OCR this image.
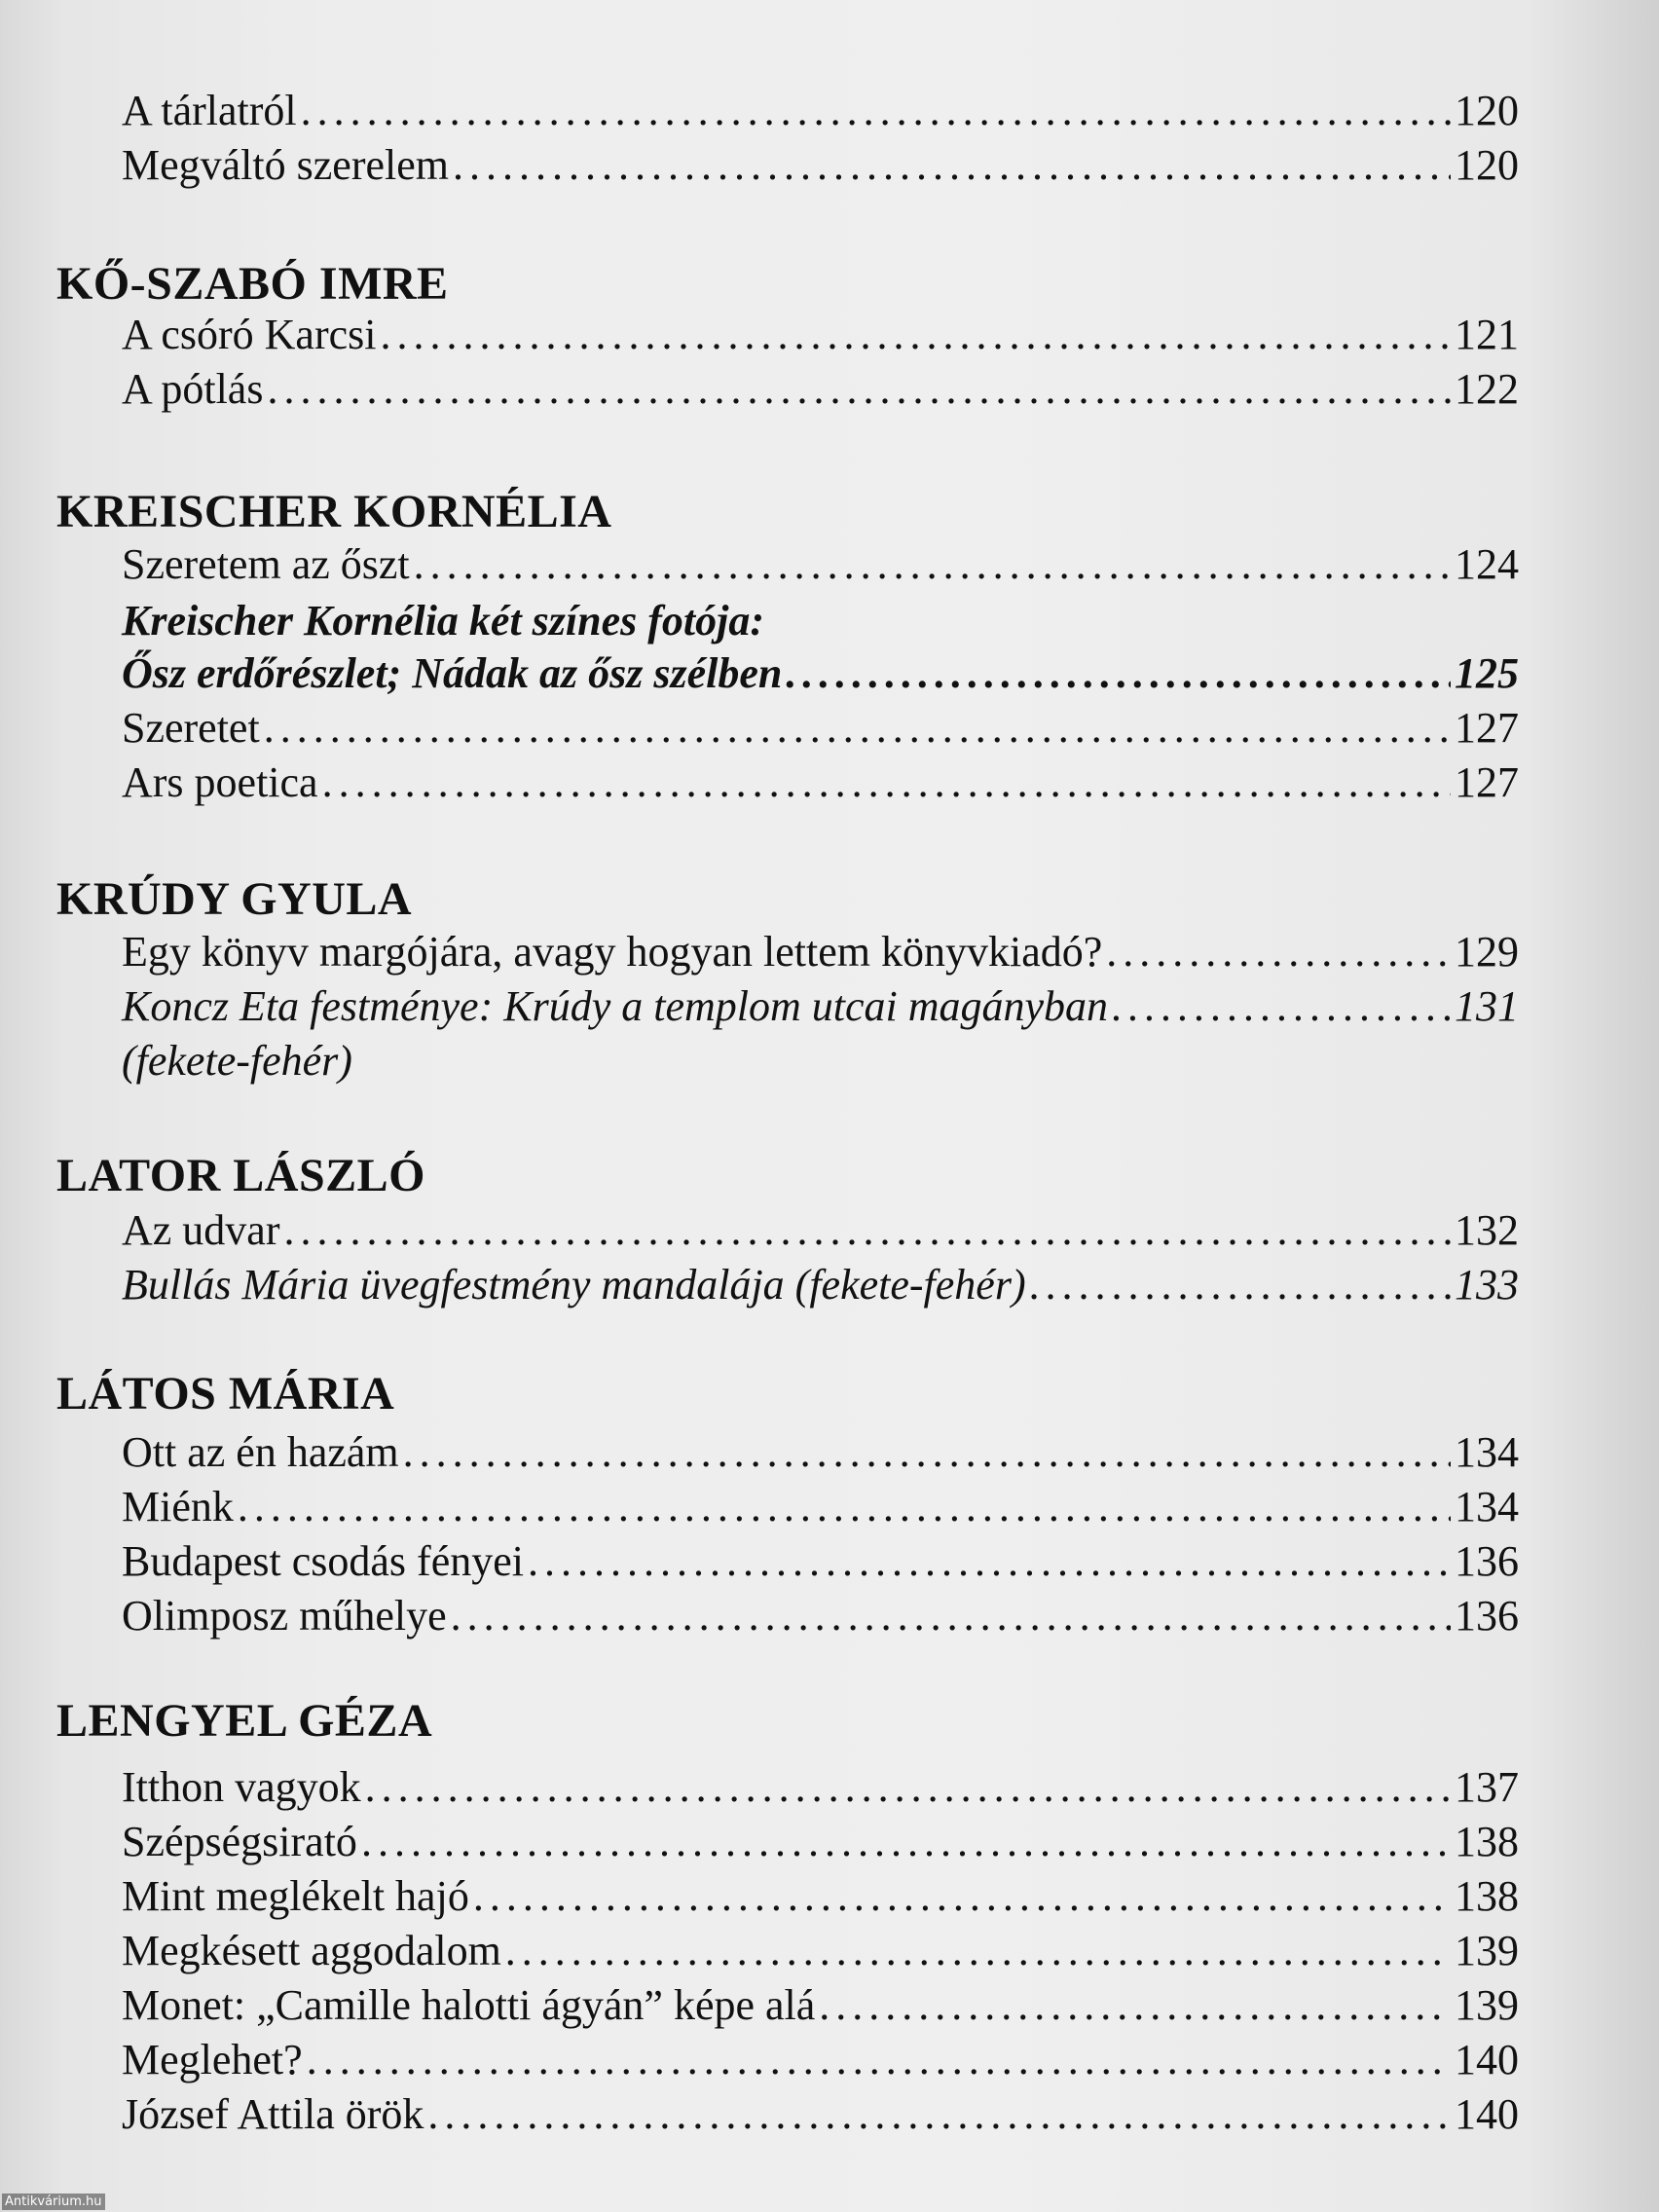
A tárlatról . . .	120
Megváltó szerelem . . .	120
KŐ-SZABÓ IMRE
A csóró Karcsi . . .	121
A pótlás . . .	122
KREISCHER KORNÉLIA
Szeretem az őszt . . .	124
Kreischer Kornélia két színes fotója:
Ősz erdőrészlet; Nádak az ősz szélben . . .	125
Szeretet . . .	127
Ars poetica . . .	127
KRÚDY GYULA
Egy könyv margójára, avagy hogyan lettem könyvkiadó? . . .	129
Koncz Eta festménye: Krúdy a templom utcai magányban . . .	131
(fekete-fehér)
LATOR LÁSZLÓ
Az udvar . . .	132
Bullás Mária üvegfestmény mandalája (fekete-fehér) . . .	133
LÁTOS MÁRIA
Ott az én hazám . . .	134
Miénk . . .	134
Budapest csodás fényei . . .	136
Olimposz műhelye . . .	136
LENGYEL GÉZA
Itthon vagyok . . .	137
Szépségsirató . . .	138
Mint meglékelt hajó . . .	138
Megkésett aggodalom . . .	139
Monet: „Camille halotti ágyán” képe alá . . .	139
Meglehet? . . .	140
József Attila örök . . .	140
Antikvárium.hu
